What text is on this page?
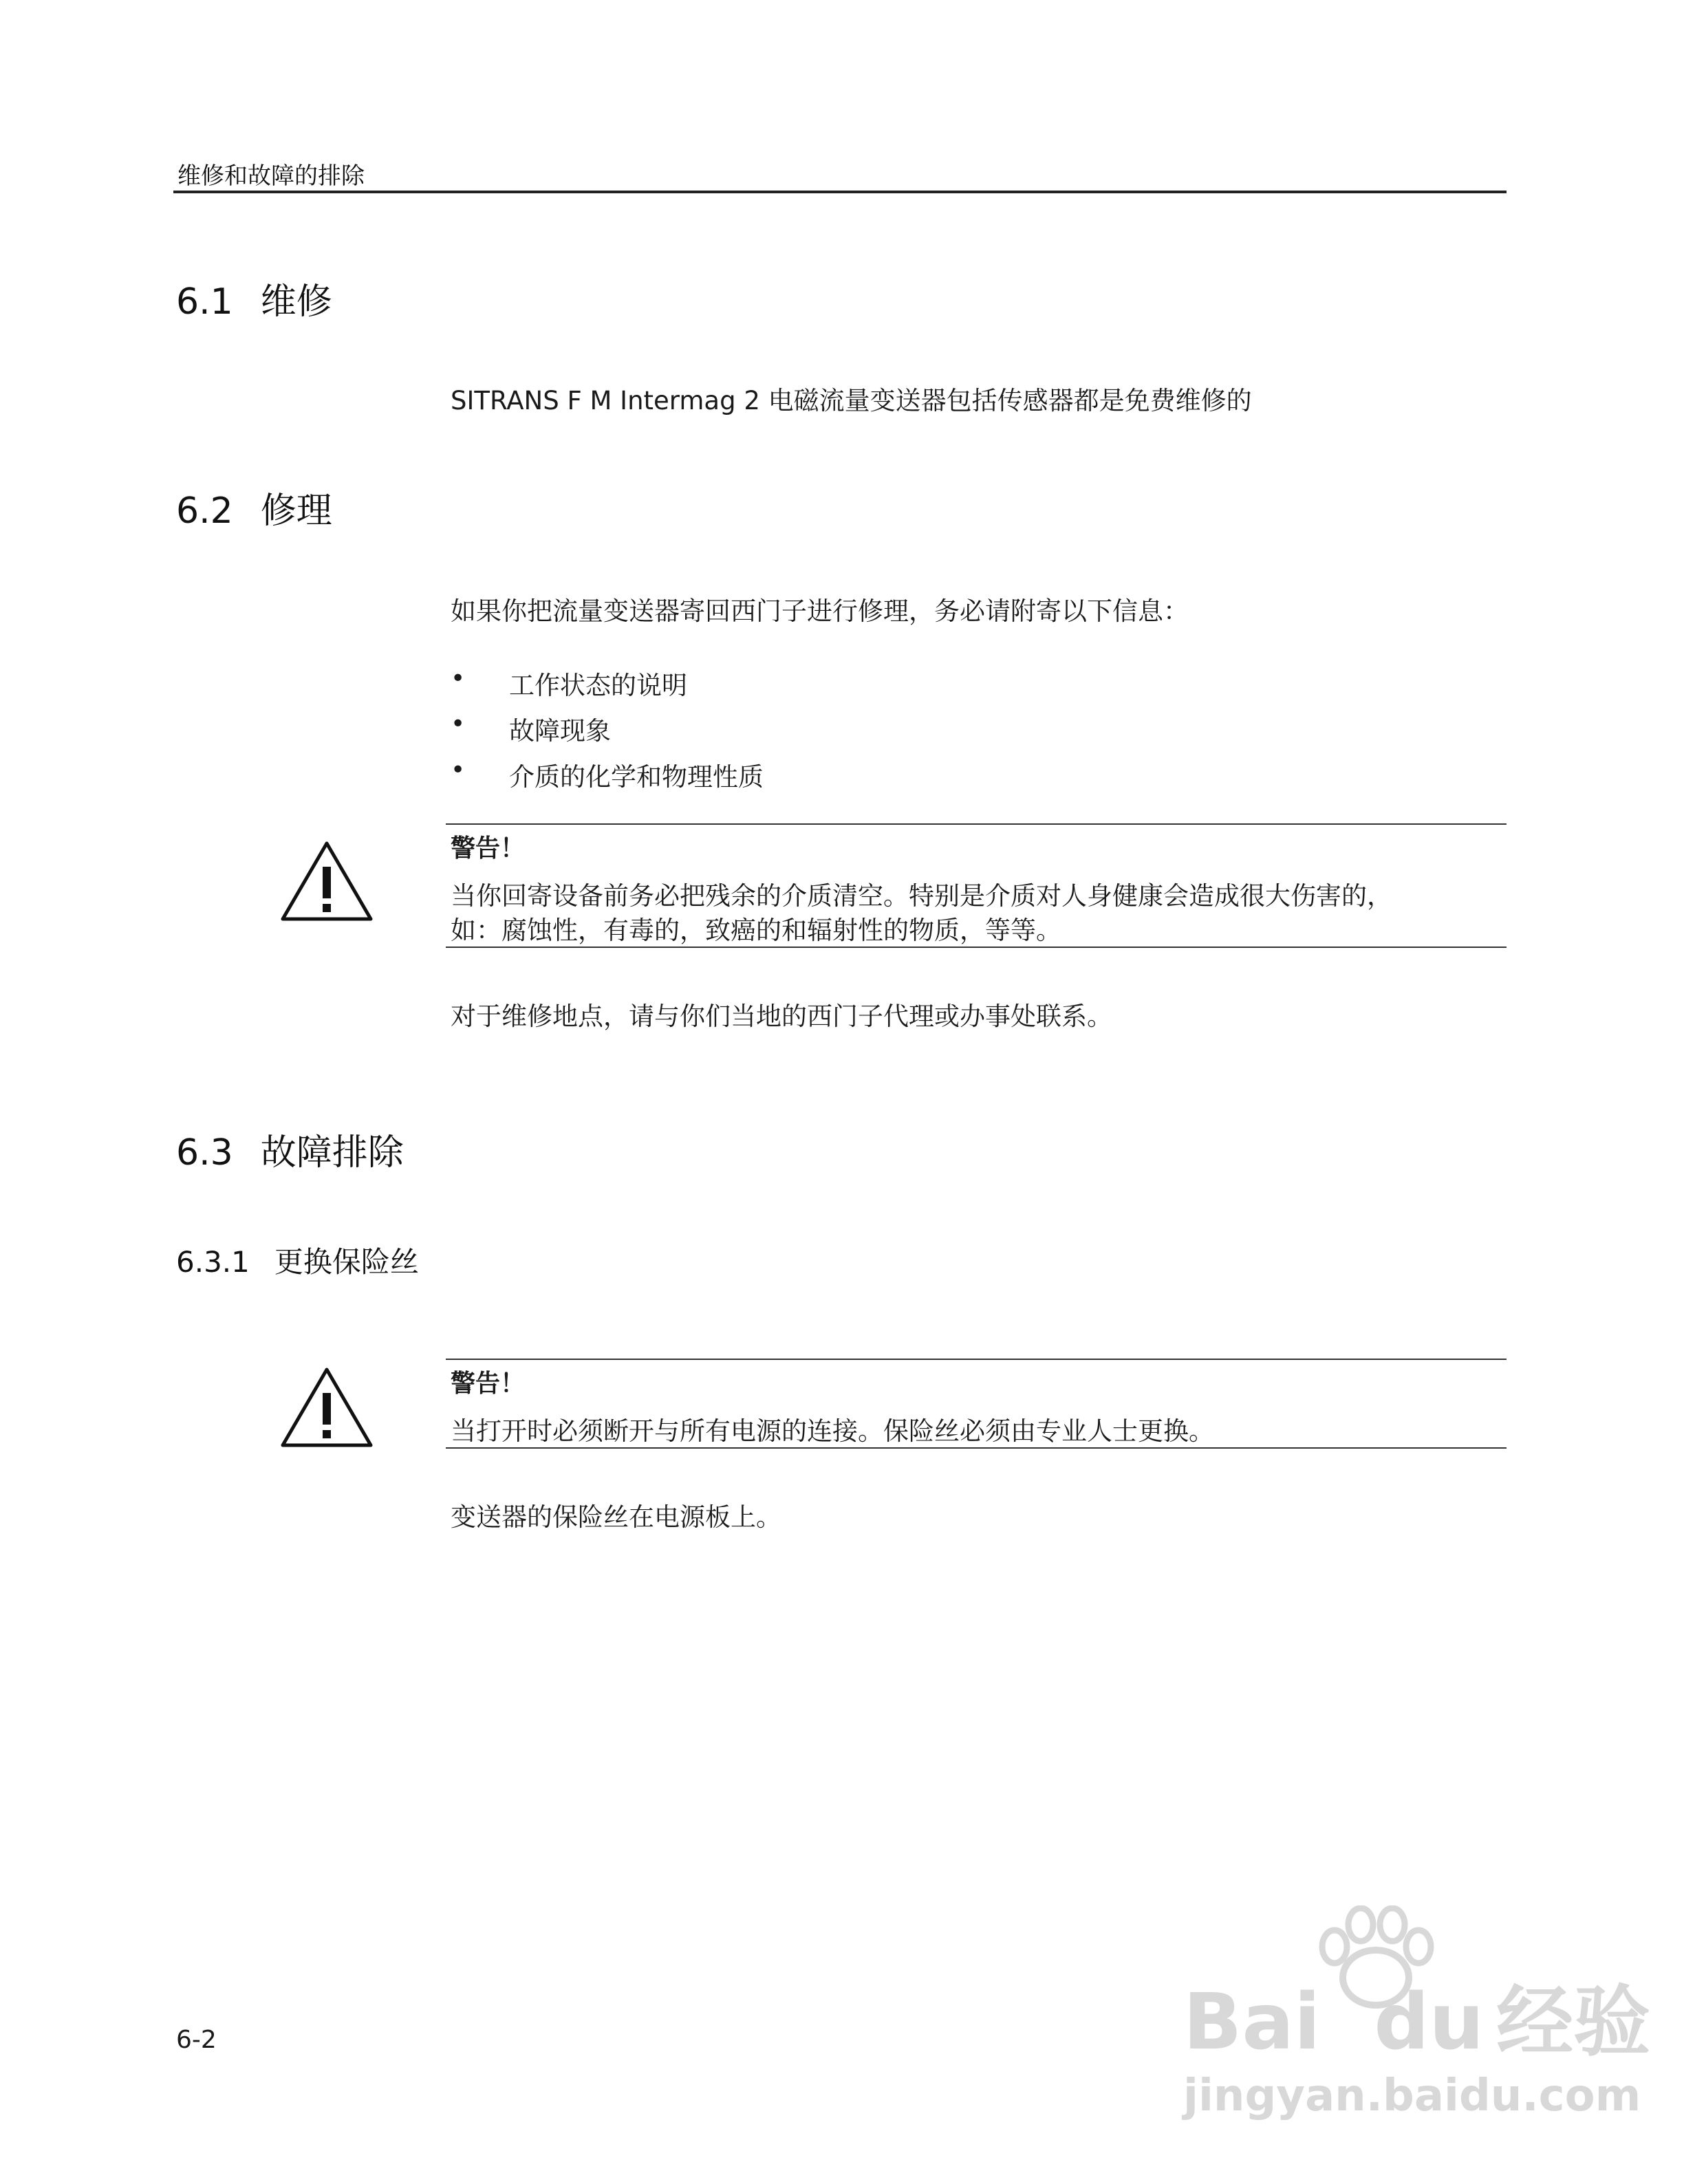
维修和故障的排除
6.1 维修
SITRANS F M Intermag 2 电磁流量变送器包括传感器都是免费维修的
6.2 修理
如果你把流量变送器寄回西门子进行修理，务必请附寄以下信息：
• 工作状态的说明
• 故障现象
• 介质的化学和物理性质
警告！
当你回寄设备前务必把残余的介质清空。特别是介质对人身健康会造成很大伤害的，
如：腐蚀性，有毒的，致癌的和辐射性的物质，等等。
对于维修地点，请与你们当地的西门子代理或办事处联系。
6.3 故障排除
6.3.1 更换保险丝
警告！
当打开时必须断开与所有电源的连接。保险丝必须由专业人士更换。
变送器的保险丝在电源板上。
6-2	Bai du 经验
jingyan.baidu.com
